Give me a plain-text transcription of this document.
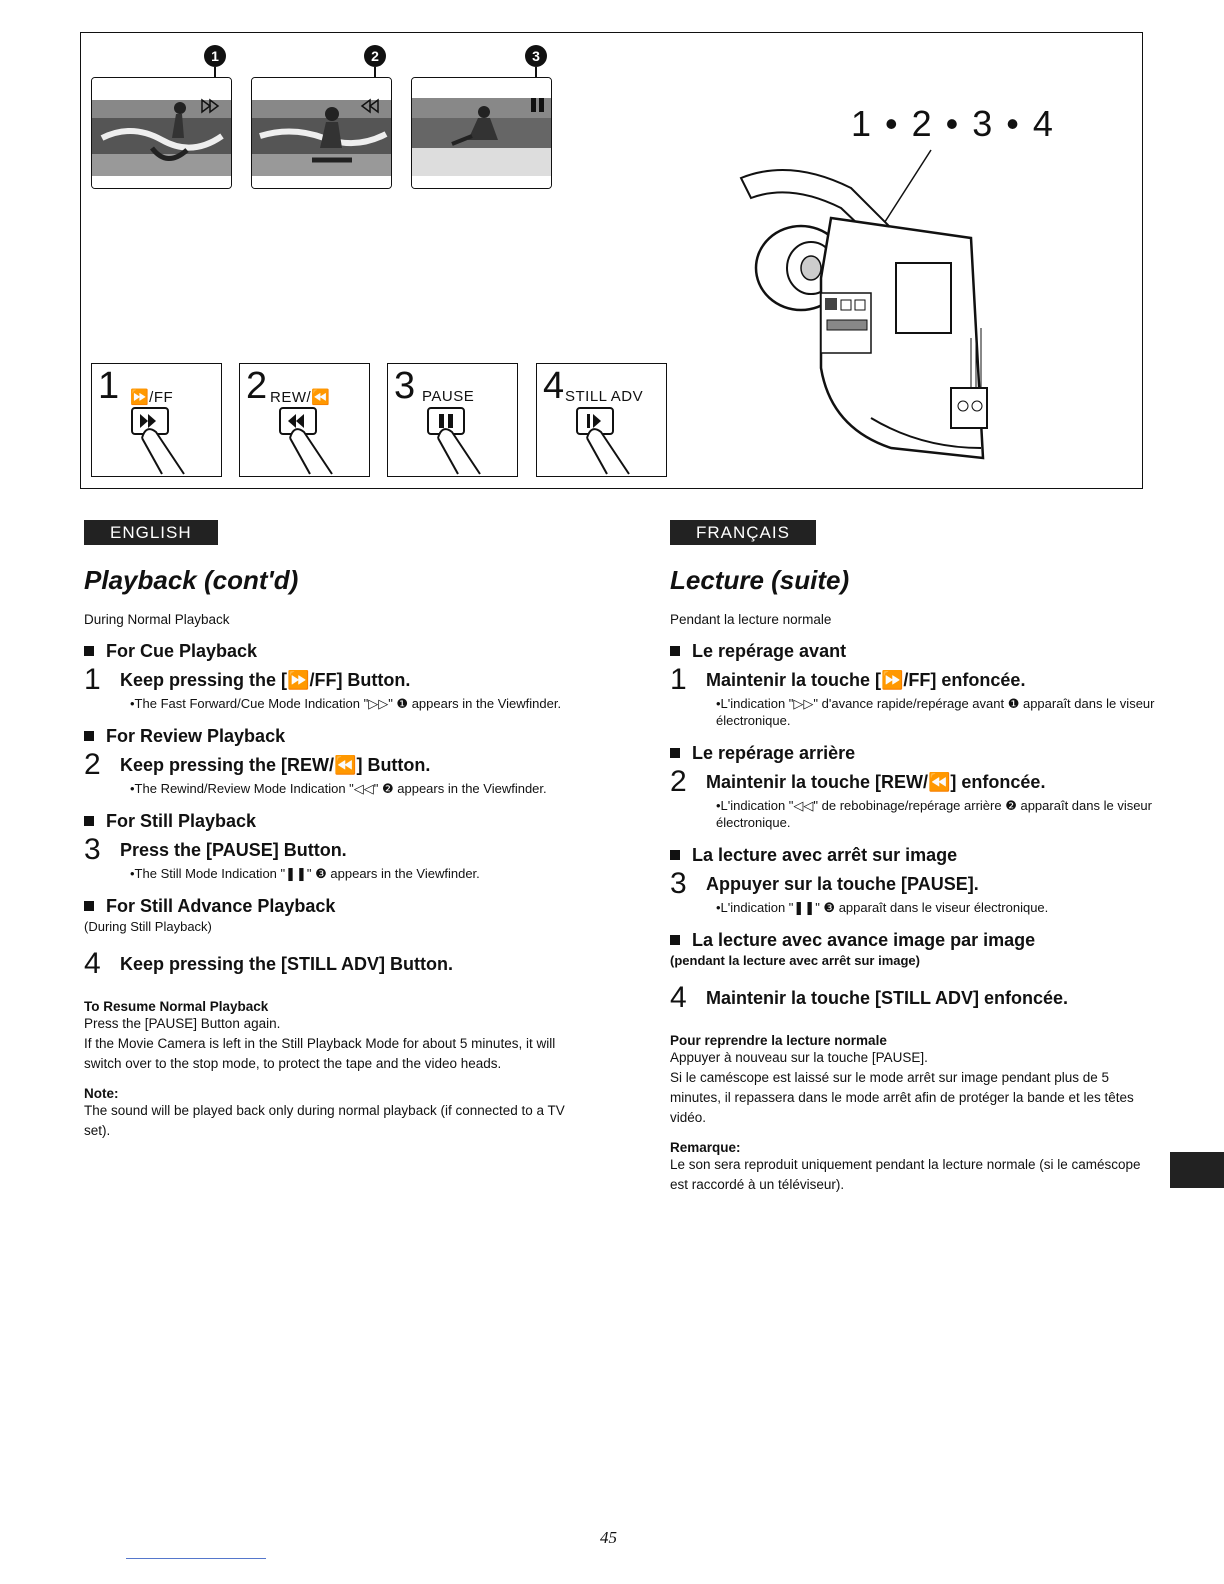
1	2	3
1 • 2 • 3 • 4
1 ⏩/FF 2 REW/⏪ 3 PAUSE 4 STILL ADV
ENGLISH
Playback (cont'd)
During Normal Playback
For Cue Playback
1 Keep pressing the [⏩/FF] Button.
•The Fast Forward/Cue Mode Indication "▷▷" ❶ appears in the Viewfinder.
For Review Playback
2 Keep pressing the [REW/⏪] Button.
•The Rewind/Review Mode Indication "◁◁" ❷ appears in the Viewfinder.
For Still Playback
3 Press the [PAUSE] Button.
•The Still Mode Indication "❚❚" ❸ appears in the Viewfinder.
For Still Advance Playback
(During Still Playback)
4 Keep pressing the [STILL ADV] Button.
To Resume Normal Playback
Press the [PAUSE] Button again.
If the Movie Camera is left in the Still Playback Mode for about 5 minutes, it will switch over to the stop mode, to protect the tape and the video heads.
Note:
The sound will be played back only during normal playback (if connected to a TV set).
FRANÇAIS
Lecture (suite)
Pendant la lecture normale
Le repérage avant
1 Maintenir la touche [⏩/FF] enfoncée.
•L'indication "▷▷" d'avance rapide/repérage avant ❶ apparaît dans le viseur électronique.
Le repérage arrière
2 Maintenir la touche [REW/⏪] enfoncée.
•L'indication "◁◁" de rebobinage/repérage arrière ❷ apparaît dans le viseur électronique.
La lecture avec arrêt sur image
3 Appuyer sur la touche [PAUSE].
•L'indication "❚❚" ❸ apparaît dans le viseur électronique.
La lecture avec avance image par image
(pendant la lecture avec arrêt sur image)
4 Maintenir la touche [STILL ADV] enfoncée.
Pour reprendre la lecture normale
Appuyer à nouveau sur la touche [PAUSE].
Si le caméscope est laissé sur le mode arrêt sur image pendant plus de 5 minutes, il repassera dans le mode arrêt afin de protéger la bande et les têtes vidéo.
Remarque:
Le son sera reproduit uniquement pendant la lecture normale (si le caméscope est raccordé à un téléviseur).
45
